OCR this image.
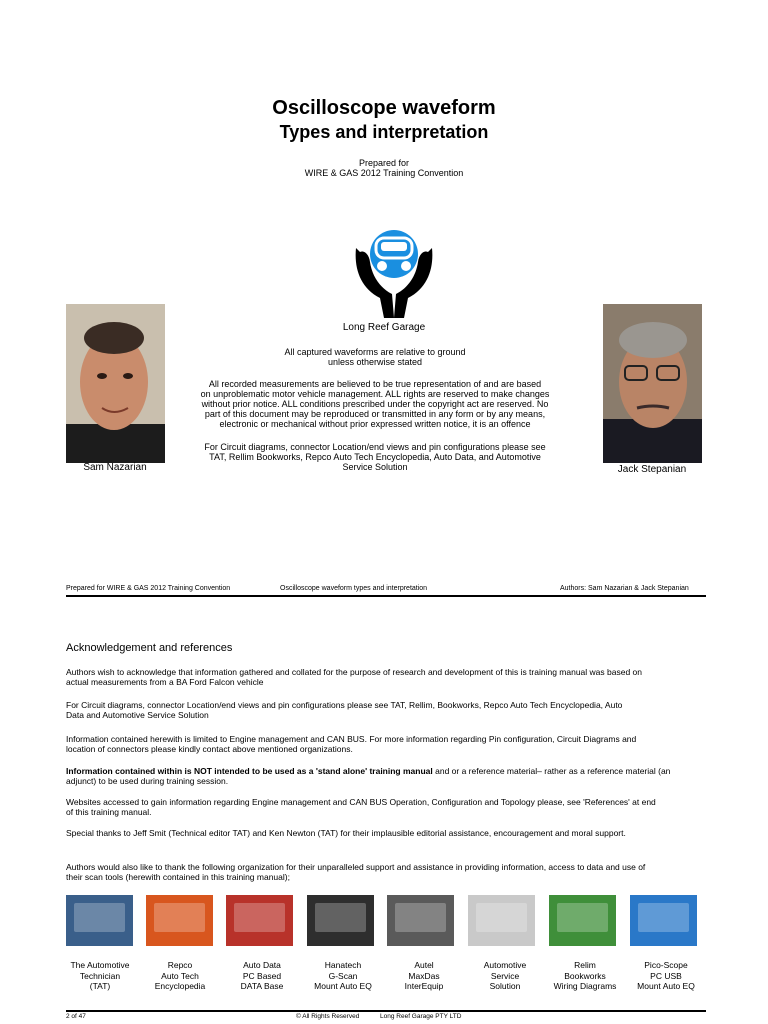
Oscilloscope waveform
Types and interpretation
Prepared for
WIRE & GAS 2012 Training Convention
Long Reef Garage
Sam Nazarian	Jack Stepanian
All captured waveforms are relative to ground
unless otherwise stated
All recorded measurements are believed to be true representation of and are based
on unproblematic motor vehicle management. ALL rights are reserved to make changes
without prior notice. ALL conditions prescribed under the copyright act are reserved. No
part of this document may be reproduced or transmitted in any form or by any means,
electronic or mechanical without prior expressed written notice, it is an offence
For Circuit diagrams, connector Location/end views and pin configurations please see
TAT, Rellim Bookworks, Repco Auto Tech Encyclopedia, Auto Data, and Automotive
Service Solution
Prepared for WIRE & GAS 2012 Training Convention	Oscilloscope waveform types and interpretation	Authors: Sam Nazarian & Jack Stepanian
Acknowledgement and references
Authors wish to acknowledge that information gathered and collated for the purpose of research and development of this is training manual was based on
actual measurements from a BA Ford Falcon vehicle
For Circuit diagrams, connector Location/end views and pin configurations please see TAT, Rellim, Bookworks, Repco Auto Tech Encyclopedia, Auto
Data and Automotive Service Solution
Information contained herewith is limited to Engine management and CAN BUS. For more information regarding Pin configuration, Circuit Diagrams and
location of connectors please kindly contact above mentioned organizations.
Information contained within is NOT intended to be used as a 'stand alone' training manual and or a reference material– rather as a reference material (an
adjunct) to be used during training session.
Websites accessed to gain information regarding Engine management and CAN BUS Operation, Configuration and Topology please, see 'References' at end
of this training manual.
Special thanks to Jeff Smit (Technical editor TAT) and Ken Newton (TAT) for their implausible editorial assistance, encouragement and moral support.
Authors would also like to thank the following organization for their unparalleled support and assistance in providing information, access to data and use of
their scan tools (herewith contained in this training manual);
The Automotive
Technician
(TAT)
Repco
Auto Tech
Encyclopedia
Auto Data
PC Based
DATA Base
Hanatech
G-Scan
Mount Auto EQ
Autel
MaxDas
InterEquip
Automotive
Service
Solution
Relim
Bookworks
Wiring Diagrams
Pico-Scope
PC USB
Mount Auto EQ
2 of 47	© All Rights Reserved	Long Reef Garage PTY LTD
